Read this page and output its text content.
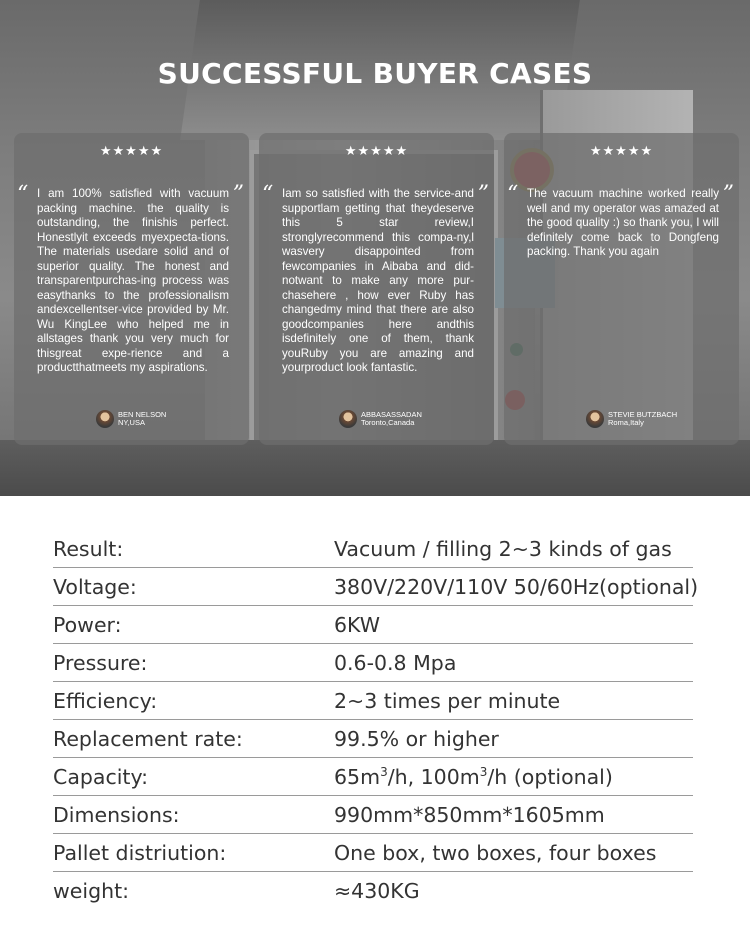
SUCCESSFUL BUYER CASES
★★★★★
“	”
I am 100% satisfied with vacuum packing machine. the quality is outstanding, the finishis perfect. Honestlyit exceeds myexpecta-tions. The materials usedare solid and of superior quality. The honest and transparentpurchas-ing process was easythanks to the professionalism andexcellentser-vice provided by Mr. Wu KingLee who helped me in allstages thank you very much for thisgreat expe-rience and a productthatmeets my aspirations.
BEN NELSON
NY,USA
★★★★★
“	”
Iam so satisfied with the service-and supportlam getting that theydeserve this 5 star review,I stronglyrecommend this compa-ny,l wasvery disappointed from fewcompanies in Aibaba and did-notwant to make any more pur-chasehere , how ever Ruby has changedmy mind that there are also goodcompanies here andthis isdefinitely one of them, thank youRuby you are amazing and yourproduct look fantastic.
ABBASASSADAN
Toronto,Canada
★★★★★
“	”
The vacuum machine worked really well and my operator was amazed at the good quality :) so thank you, I will definitely come back to Dongfeng packing. Thank you again
STEVIE BUTZBACH
Roma,Italy
Result:	Vacuum / filling 2~3 kinds of gas
Voltage:	380V/220V/110V 50/60Hz(optional)
Power:	6KW
Pressure:	0.6-0.8 Mpa
Efficiency:	2~3 times per minute
Replacement rate:	99.5% or higher
Capacity:	$65m^3/h$, $100m^3/h$ (optional)
Dimensions:	990mm*850mm*1605mm
Pallet distriution:	One box, two boxes, four boxes
weight:	≈430KG
